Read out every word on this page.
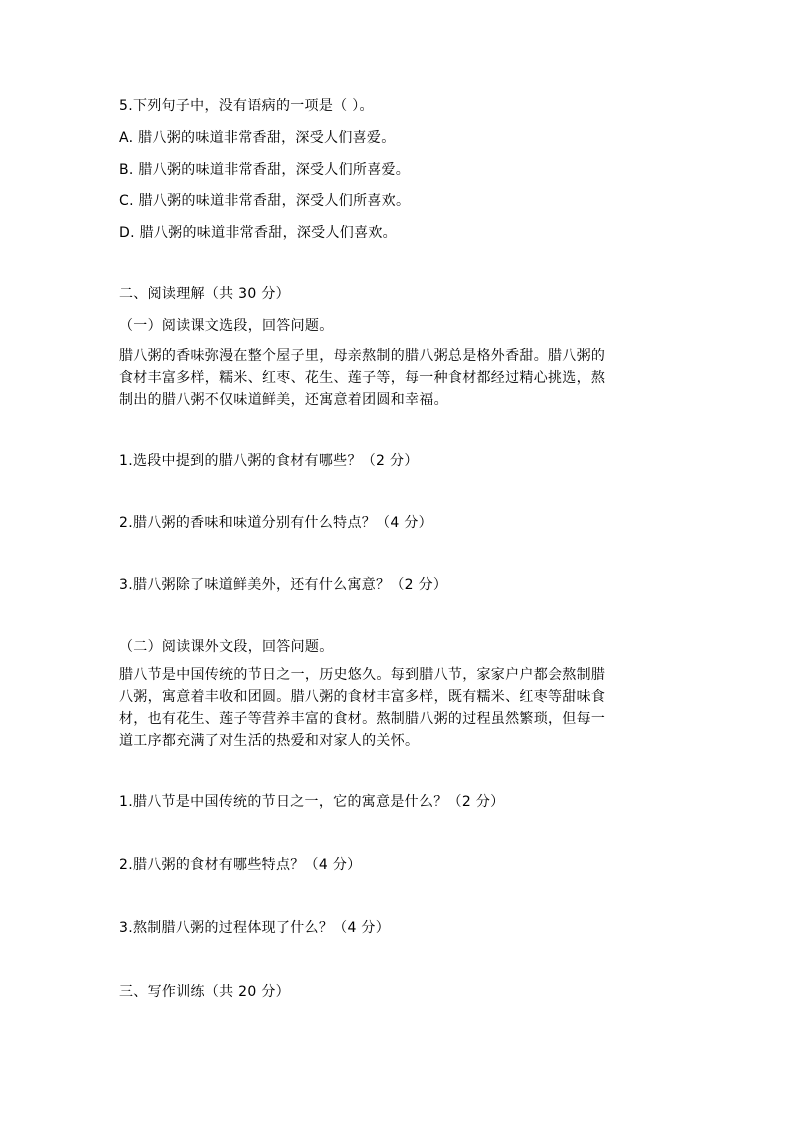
5.下列句子中，没有语病的一项是（ ）。
A. 腊八粥的味道非常香甜，深受人们喜爱。
B. 腊八粥的味道非常香甜，深受人们所喜爱。
C. 腊八粥的味道非常香甜，深受人们所喜欢。
D. 腊八粥的味道非常香甜，深受人们喜欢。
二、阅读理解（共 30 分）
（一）阅读课文选段，回答问题。
腊八粥的香味弥漫在整个屋子里，母亲熬制的腊八粥总是格外香甜。腊八粥的
食材丰富多样，糯米、红枣、花生、莲子等，每一种食材都经过精心挑选，熬
制出的腊八粥不仅味道鲜美，还寓意着团圆和幸福。
1.选段中提到的腊八粥的食材有哪些？（2 分）
2.腊八粥的香味和味道分别有什么特点？（4 分）
3.腊八粥除了味道鲜美外，还有什么寓意？（2 分）
（二）阅读课外文段，回答问题。
腊八节是中国传统的节日之一，历史悠久。每到腊八节，家家户户都会熬制腊
八粥，寓意着丰收和团圆。腊八粥的食材丰富多样，既有糯米、红枣等甜味食
材，也有花生、莲子等营养丰富的食材。熬制腊八粥的过程虽然繁琐，但每一
道工序都充满了对生活的热爱和对家人的关怀。
1.腊八节是中国传统的节日之一，它的寓意是什么？（2 分）
2.腊八粥的食材有哪些特点？（4 分）
3.熬制腊八粥的过程体现了什么？（4 分）
三、写作训练（共 20 分）
